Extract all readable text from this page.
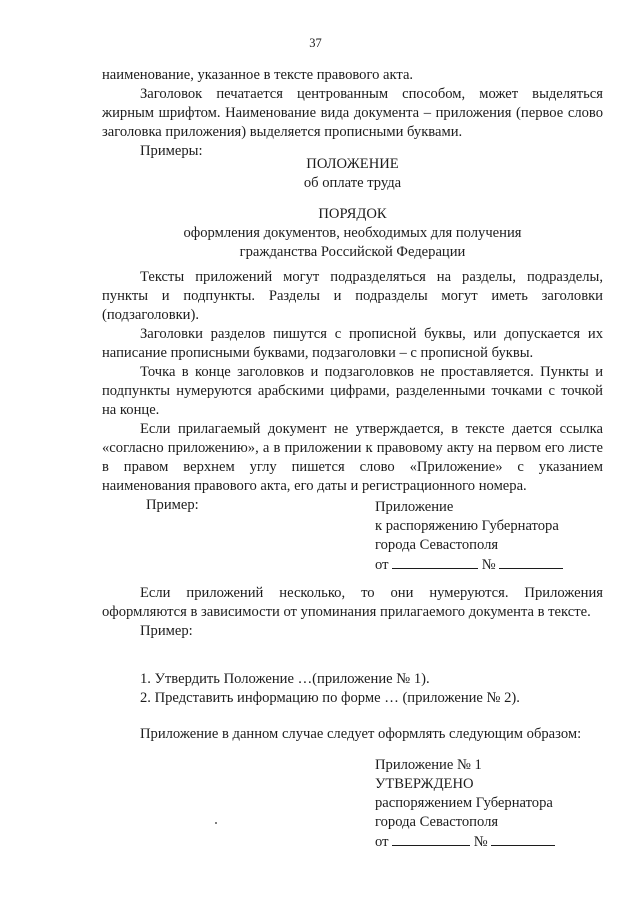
37

наименование, указанное в тексте правового акта.

Заголовок печатается центрованным способом, может выделяться жирным шрифтом. Наименование вида документа – приложения (первое слово заголовка приложения) выделяется прописными буквами.

Примеры:

ПОЛОЖЕНИЕ

об оплате труда

ПОРЯДОК

оформления документов, необходимых для получения

гражданства Российской Федерации

Тексты приложений могут подразделяться на разделы, подразделы, пункты и подпункты. Разделы и подразделы могут иметь заголовки (подзаголовки).

Заголовки разделов пишутся с прописной буквы, или допускается их написание прописными буквами, подзаголовки – с прописной буквы.

Точка в конце заголовков и подзаголовков не проставляется. Пункты и подпункты нумеруются арабскими цифрами, разделенными точками с точкой на конце.

Если прилагаемый документ не утверждается, в тексте дается ссылка «согласно приложению», а в приложении к правовому акту на первом его листе в правом верхнем углу пишется слово «Приложение» с указанием наименования правового акта, его даты и регистрационного номера.

Пример:	Приложение

к распоряжению Губернатора

города Севастополя

от	№

Если приложений несколько, то они нумеруются. Приложения оформляются в зависимости от упоминания прилагаемого документа в тексте.

Пример:

1. Утвердить Положение …(приложение № 1).

2. Представить информацию по форме … (приложение № 2).

Приложение в данном случае следует оформлять следующим образом:

Приложение № 1

УТВЕРЖДЕНО

распоряжением Губернатора

города Севастополя

от	№
